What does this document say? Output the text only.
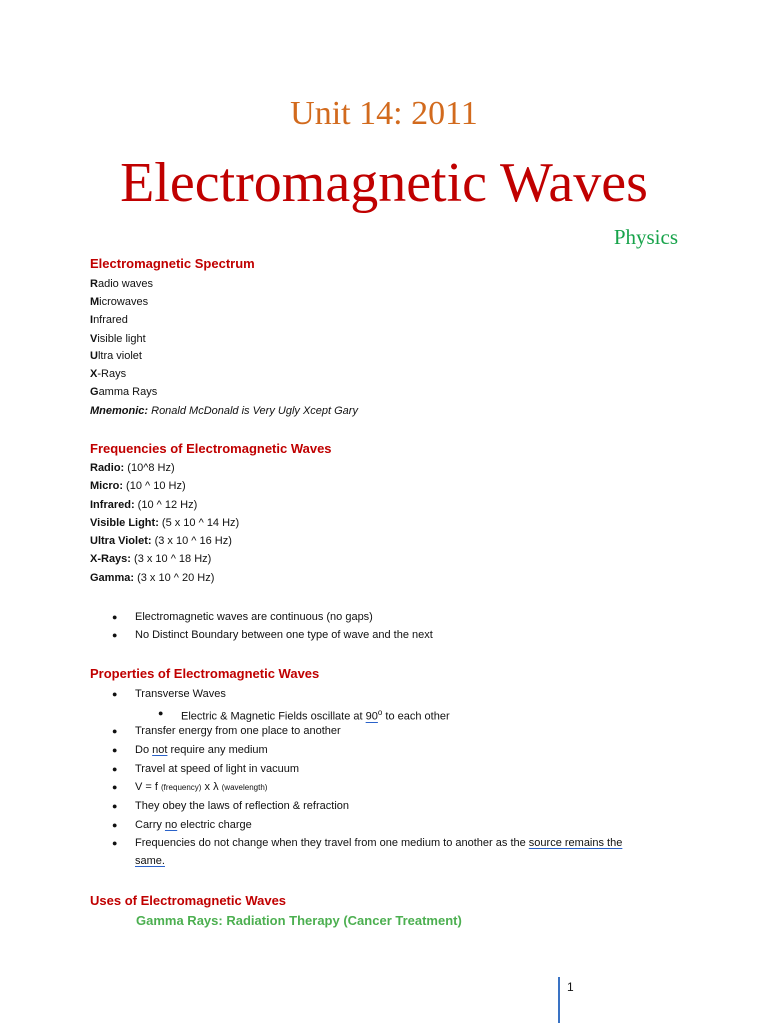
Unit 14: 2011
Electromagnetic Waves
Physics
Electromagnetic Spectrum
Radio waves
Microwaves
Infrared
Visible light
Ultra violet
X-Rays
Gamma Rays
Mnemonic: Ronald McDonald is Very Ugly Xcept Gary
Frequencies of Electromagnetic Waves
Radio: (10^8 Hz)
Micro: (10 ^ 10 Hz)
Infrared: (10 ^ 12 Hz)
Visible Light: (5 x 10 ^ 14 Hz)
Ultra Violet: (3 x 10 ^ 16 Hz)
X-Rays: (3 x 10 ^ 18 Hz)
Gamma: (3 x 10 ^ 20 Hz)
● Electromagnetic waves are continuous (no gaps)
● No Distinct Boundary between one type of wave and the next
Properties of Electromagnetic Waves
● Transverse Waves
● Electric & Magnetic Fields oscillate at 90$^o$ to each other
● Transfer energy from one place to another
● Do not require any medium
● Travel at speed of light in vacuum
● V = f (frequency) x λ (wavelength)
● They obey the laws of reflection & refraction
● Carry no electric charge
● Frequencies do not change when they travel from one medium to another as the source remains the
same.
Uses of Electromagnetic Waves
Gamma Rays: Radiation Therapy (Cancer Treatment)
1
